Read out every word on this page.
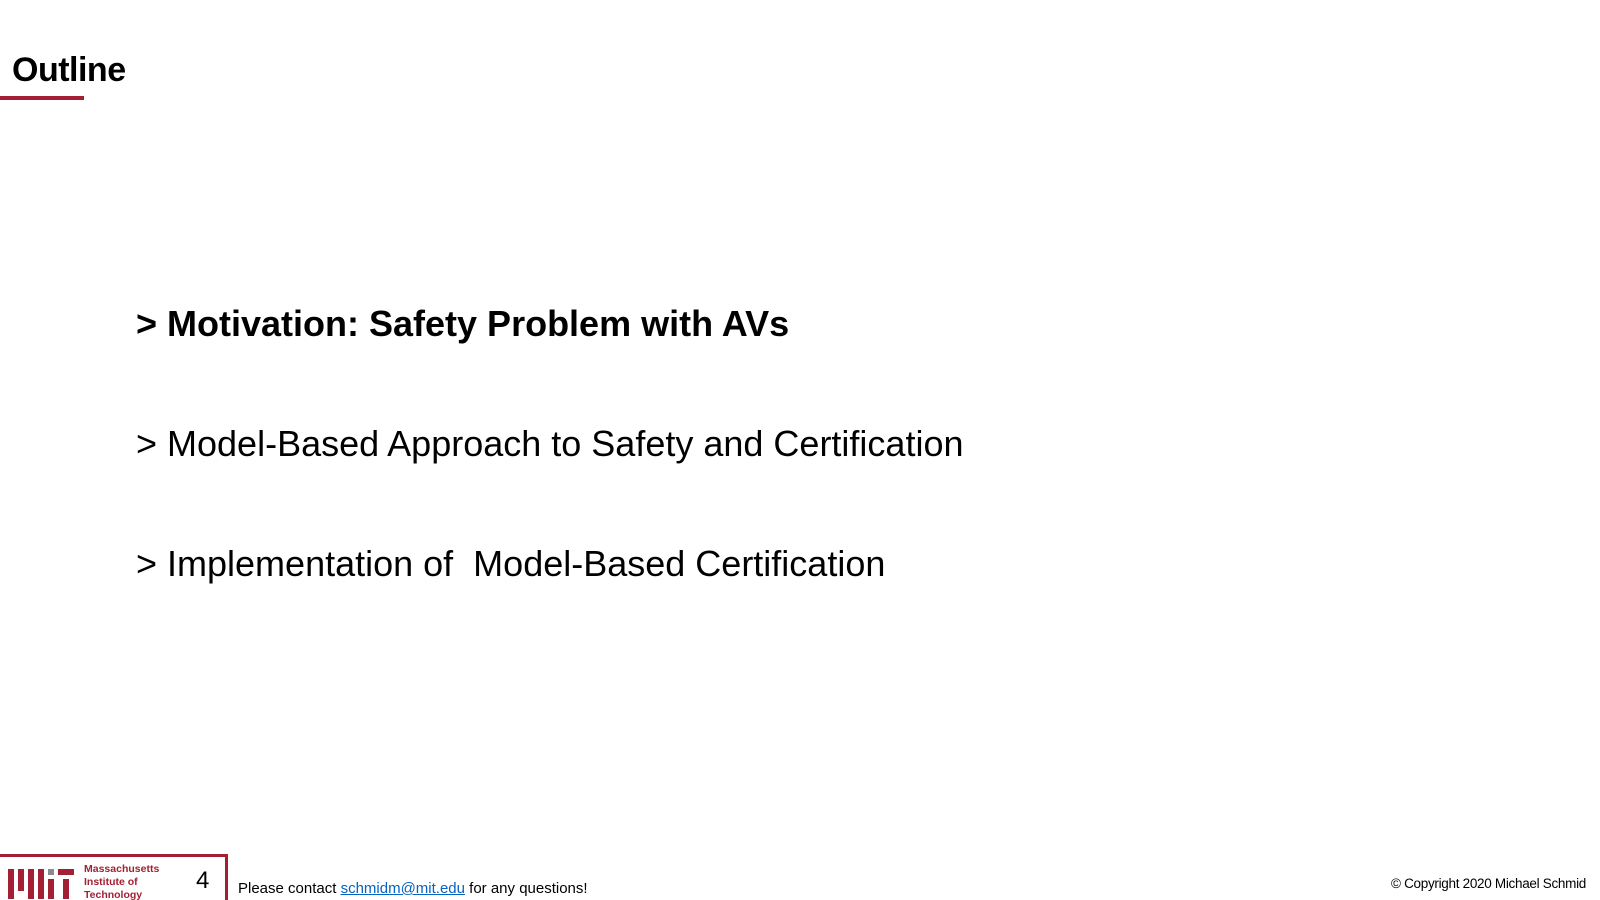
Outline
> Motivation: Safety Problem with AVs
> Model-Based Approach to Safety and Certification
> Implementation of  Model-Based Certification
Massachusetts
Institute of
Technology
4 Please contact schmidm@mit.edu for any questions!	© Copyright 2020 Michael Schmid
